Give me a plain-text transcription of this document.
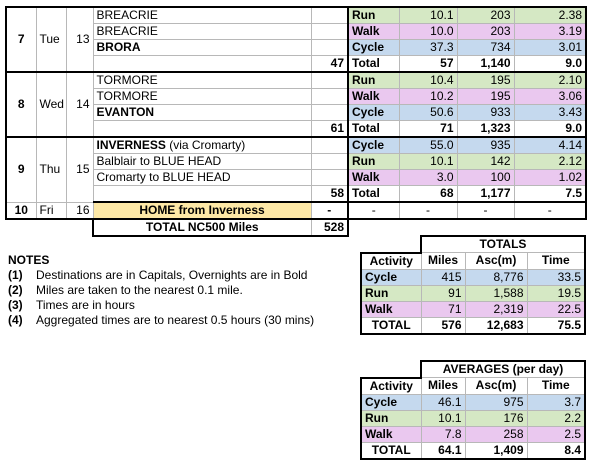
7	Tue	13	BREACRIE		Run	10.1	203	2.38
			BREACRIE		Walk	10.0	203	3.19
			BRORA		Cycle	37.3	734	3.01
				47	Total	57	1,140	9.0
8	Wed	14	TORMORE		Run	10.4	195	2.10
			TORMORE		Walk	10.2	195	3.06
			EVANTON		Cycle	50.6	933	3.43
				61	Total	71	1,323	9.0
9	Thu	15	INVERNESS (via Cromarty)		Cycle	55.0	935	4.14
			Balblair to BLUE HEAD		Run	10.1	142	2.12
			Cromarty to BLUE HEAD		Walk	3.0	100	1.02
				58	Total	68	1,177	7.5
10	Fri	16	HOME from Inverness	-	-	-	-	-
			TOTAL NC500 Miles	528				
NOTES	
(1)	Destinations are in Capitals, Overnights are in Bold
(2)	Miles are taken to the nearest 0.1 mile.
(3)	Times are in hours
(4)	Aggregated times are to nearest 0.5 hours (30 mins)
	TOTALS		
Activity	Miles	Asc(m)	Time
Cycle	415	8,776	33.5
Run	91	1,588	19.5
Walk	71	2,319	22.5
TOTAL	576	12,683	75.5
	AVERAGES (per day)		
Activity	Miles	Asc(m)	Time
Cycle	46.1	975	3.7
Run	10.1	176	2.2
Walk	7.8	258	2.5
TOTAL	64.1	1,409	8.4
